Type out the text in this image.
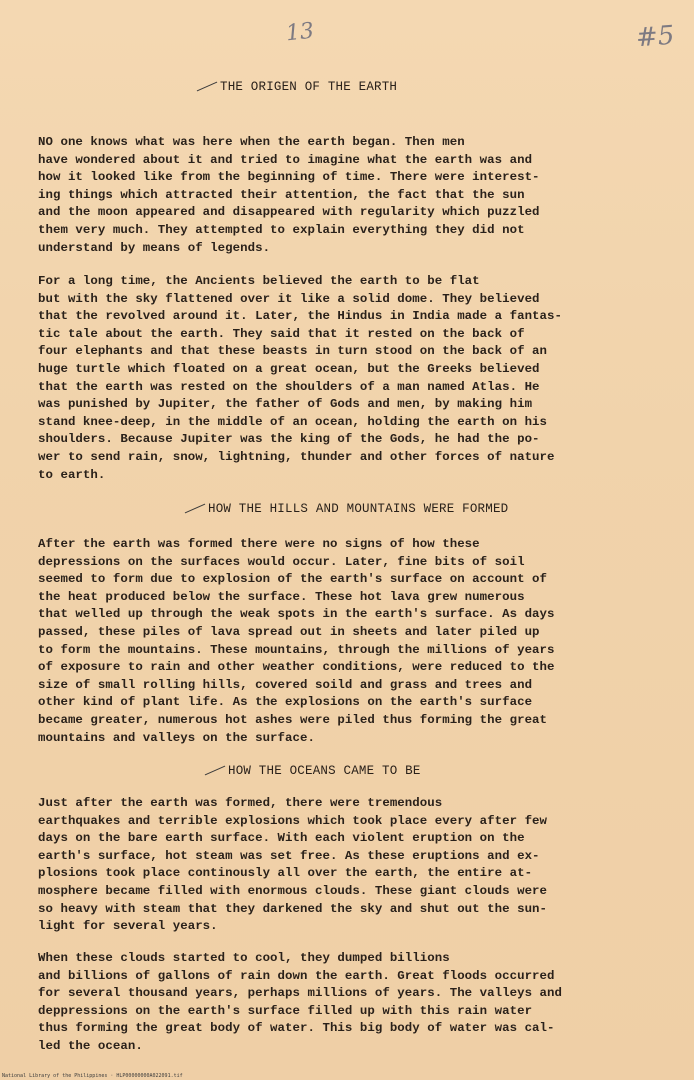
13	#5
THE ORIGEN OF THE EARTH
NO one knows what was here when the earth began. Then men
have wondered about it and tried to imagine what the earth was and
how it looked like from the beginning of time. There were interest-
ing things which attracted their attention, the fact that the sun
and the moon appeared and disappeared with regularity which puzzled
them very much. They attempted to explain everything they did not
understand by means of legends.
For a long time, the Ancients believed the earth to be flat
but with the sky flattened over it like a solid dome. They believed
that the revolved around it. Later, the Hindus in India made a fantas-
tic tale about the earth. They said that it rested on the back of
four elephants and that these beasts in turn stood on the back of an
huge turtle which floated on a great ocean, but the Greeks believed
that the earth was rested on the shoulders of a man named Atlas. He
was punished by Jupiter, the father of Gods and men, by making him
stand knee-deep, in the middle of an ocean, holding the earth on his
shoulders. Because Jupiter was the king of the Gods, he had the po-
wer to send rain, snow, lightning, thunder and other forces of nature
to earth.
HOW THE HILLS AND MOUNTAINS WERE FORMED
After the earth was formed there were no signs of how these
depressions on the surfaces would occur. Later, fine bits of soil
seemed to form due to explosion of the earth's surface on account of
the heat produced below the surface. These hot lava grew numerous
that welled up through the weak spots in the earth's surface. As days
passed, these piles of lava spread out in sheets and later piled up
to form the mountains. These mountains, through the millions of years
of exposure to rain and other weather conditions, were reduced to the
size of small rolling hills, covered soild and grass and trees and
other kind of plant life. As the explosions on the earth's surface
became greater, numerous hot ashes were piled thus forming the great
mountains and valleys on the surface.
HOW THE OCEANS CAME TO BE
Just after the earth was formed, there were tremendous
earthquakes and terrible explosions which took place every after few
days on the bare earth surface. With each violent eruption on the
earth's surface, hot steam was set free. As these eruptions and ex-
plosions took place continously all over the earth, the entire at-
mosphere became filled with enormous clouds. These giant clouds were
so heavy with steam that they darkened the sky and shut out the sun-
light for several years.
When these clouds started to cool, they dumped billions
and billions of gallons of rain down the earth. Great floods occurred
for several thousand years, perhaps millions of years. The valleys and
deppressions on the earth's surface filled up with this rain water
thus forming the great body of water. This big body of water was cal-
led the ocean.
National Library of the Philippines · HLP00000000A022091.tif
